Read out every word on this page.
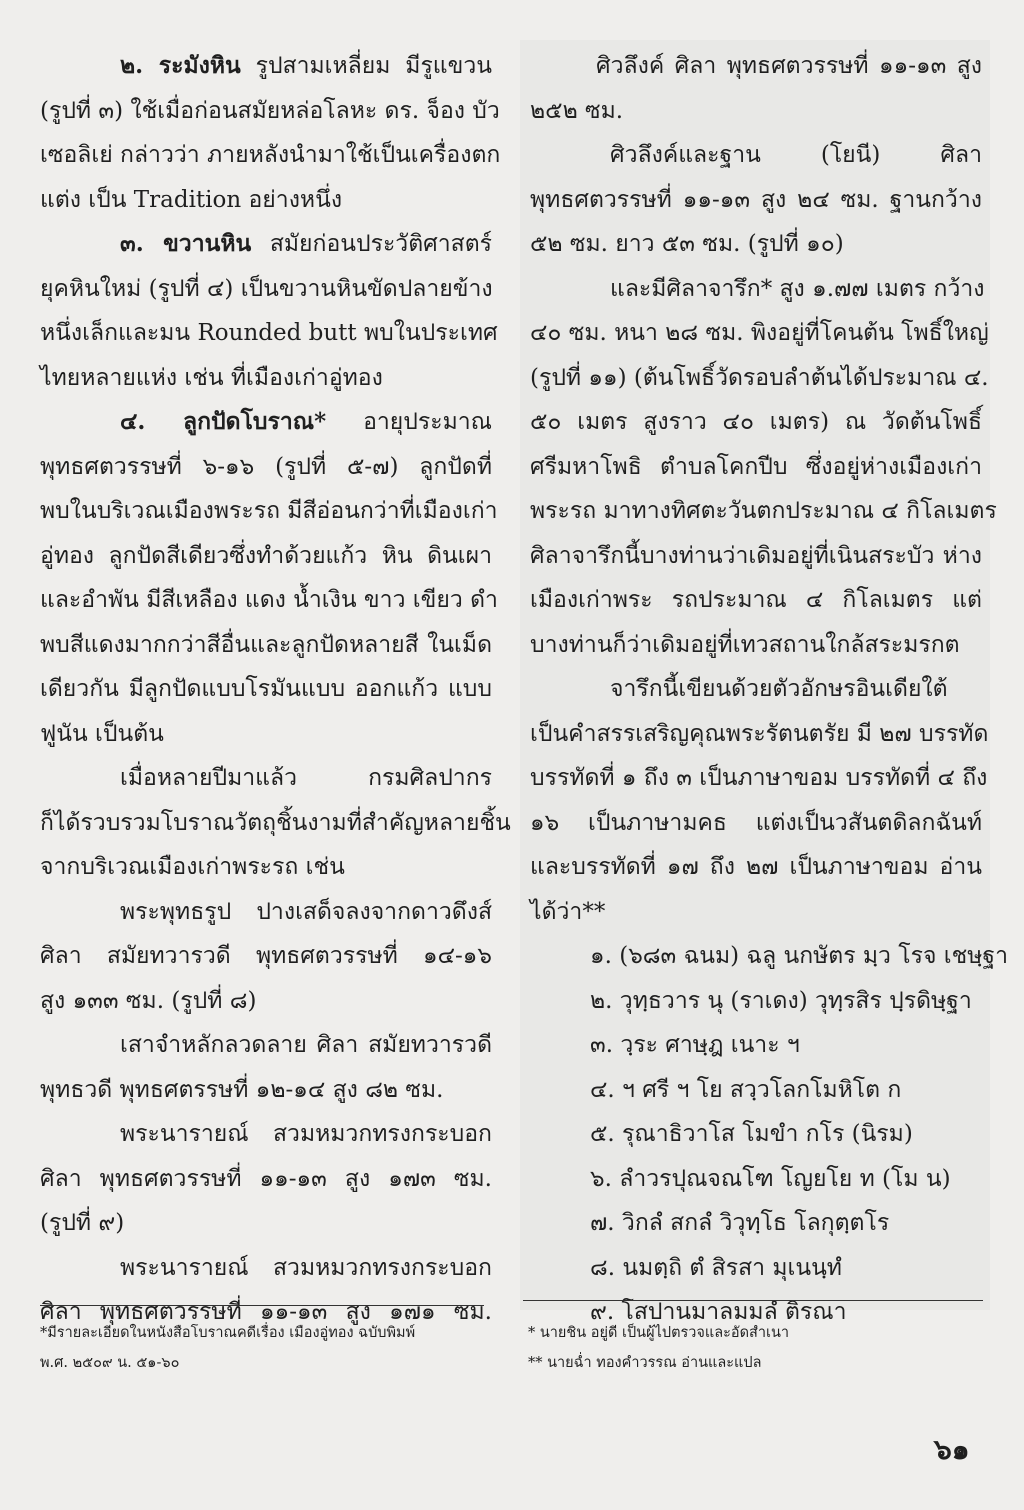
๒. ระมังหิน รูปสามเหลี่ยม มีรูแขวน
(รูปที่ ๓) ใช้เมื่อก่อนสมัยหล่อโลหะ ดร. จ็อง บัว
เซอลิเย่ กล่าวว่า ภายหลังนำมาใช้เป็นเครื่องตก
แต่ง เป็น Tradition อย่างหนึ่ง
๓. ขวานหิน สมัยก่อนประวัติศาสตร์
ยุคหินใหม่ (รูปที่ ๔) เป็นขวานหินขัดปลายข้าง
หนึ่งเล็กและมน Rounded butt พบในประเทศ
ไทยหลายแห่ง เช่น ที่เมืองเก่าอู่ทอง
๔. ลูกปัดโบราณ* อายุประมาณ
พุทธศตวรรษที่ ๖-๑๖ (รูปที่ ๕-๗) ลูกปัดที่
พบในบริเวณเมืองพระรถ มีสีอ่อนกว่าที่เมืองเก่า
อู่ทอง ลูกปัดสีเดียวซึ่งทำด้วยแก้ว หิน ดินเผา
และอำพัน มีสีเหลือง แดง น้ำเงิน ขาว เขียว ดำ
พบสีแดงมากกว่าสีอื่นและลูกปัดหลายสี ในเม็ด
เดียวกัน มีลูกปัดแบบโรมันแบบ ออกแก้ว แบบ
ฟูนัน เป็นต้น
เมื่อหลายปีมาแล้ว กรมศิลปากร
ก็ได้รวบรวมโบราณวัตถุชิ้นงามที่สำคัญหลายชิ้น
จากบริเวณเมืองเก่าพระรถ เช่น
พระพุทธรูป ปางเสด็จลงจากดาวดึงส์
ศิลา สมัยทวารวดี พุทธศตวรรษที่ ๑๔-๑๖
สูง ๑๓๓ ซม. (รูปที่ ๘)
เสาจำหลักลวดลาย ศิลา สมัยทวารวดี
พุทธวดี พุทธศตรรษที่ ๑๒-๑๔ สูง ๘๒ ซม.
พระนารายณ์ สวมหมวกทรงกระบอก
ศิลา พุทธศตวรรษที่ ๑๑-๑๓ สูง ๑๗๓ ซม.
(รูปที่ ๙)
พระนารายณ์ สวมหมวกทรงกระบอก
ศิลา พุทธศตวรรษที่ ๑๑-๑๓ สูง ๑๗๑ ซม.
ศิวลึงค์ ศิลา พุทธศตวรรษที่ ๑๑-๑๓ สูง
๒๕๒ ซม.
ศิวลึงค์และฐาน (โยนี) ศิลา
พุทธศตวรรษที่ ๑๑-๑๓ สูง ๒๔ ซม. ฐานกว้าง
๕๒ ซม. ยาว ๕๓ ซม. (รูปที่ ๑๐)
และมีศิลาจารึก* สูง ๑.๗๗ เมตร กว้าง
๔๐ ซม. หนา ๒๘ ซม. พิงอยู่ที่โคนต้น โพธิ์ใหญ่
(รูปที่ ๑๑) (ต้นโพธิ์วัดรอบลำต้นได้ประมาณ ๔.
๕๐ เมตร สูงราว ๔๐ เมตร) ณ วัดต้นโพธิ์
ศรีมหาโพธิ ตำบลโคกปีบ ซึ่งอยู่ห่างเมืองเก่า
พระรถ มาทางทิศตะวันตกประมาณ ๔ กิโลเมตร
ศิลาจารึกนี้บางท่านว่าเดิมอยู่ที่เนินสระบัว ห่าง
เมืองเก่าพระ รถประมาณ ๔ กิโลเมตร แต่
บางท่านก็ว่าเดิมอยู่ที่เทวสถานใกล้สระมรกต
จารึกนี้เขียนด้วยตัวอักษรอินเดียใต้
เป็นคำสรรเสริญคุณพระรัตนตรัย มี ๒๗ บรรทัด
บรรทัดที่ ๑ ถึง ๓ เป็นภาษาขอม บรรทัดที่ ๔ ถึง
๑๖ เป็นภาษามคธ แต่งเป็นวสันตดิลกฉันท์
และบรรทัดที่ ๑๗ ถึง ๒๗ เป็นภาษาขอม อ่าน
ได้ว่า**
๑. (๖๘๓ ฉนม) ฉลู นกษัตร มฺว โรจ เชษฺฐา
๒. วุทฺธวาร นุ (ราเดง) วุทฺรสิร ปฺรดิษฺฐา
๓. วฺระ ศาษฺฎ เนาะ ฯ
๔. ฯ ศรี ฯ โย สวฺวโลกโมหิโต ก
๕. รุณาธิวาโส โมขำ กโร (นิรม)
๖. ลำวรปุณจณโฑ โญยโย ท (โม น)
๗. วิกลํ สกลํ วิวุทฺโธ โลกุตฺตโร
๘. นมตฺถิ ตํ สิรสา มุเนนฺทํ
๙. โสปานมาลมมลํ ติรณา
*มีรายละเอียดในหนังสือโบราณคดีเรื่อง เมืองอู่ทอง ฉบับพิมพ์
พ.ศ. ๒๕๐๙ น. ๕๑-๖๐
* นายชิน อยู่ดี เป็นผู้ไปตรวจและอัดสำเนา
** นายฉ่ำ ทองคำวรรณ อ่านและแปล
๖๑
